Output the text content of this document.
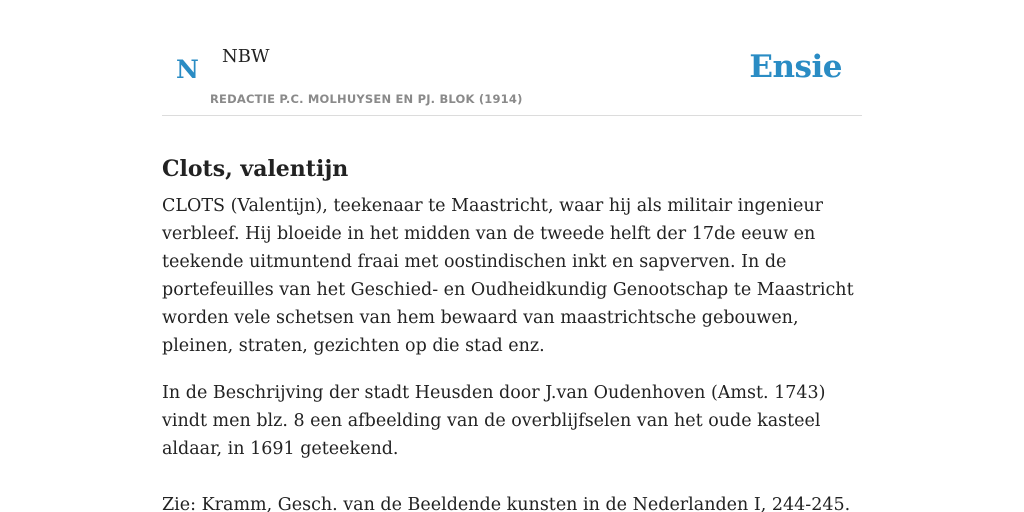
N NBW
REDACTIE P.C. MOLHUYSEN EN PJ. BLOK (1914)
Ensie
Clots, valentijn

CLOTS (Valentijn), teekenaar te Maastricht, waar hij als militair ingenieur verbleef. Hij bloeide in het midden van de tweede helft der 17de eeuw en teekende uitmuntend fraai met oostindischen inkt en sapverven. In de portefeuilles van het Geschied- en Oudheidkundig Genootschap te Maastricht worden vele schetsen van hem bewaard van maastrichtsche gebouwen, pleinen, straten, gezichten op die stad enz.

In de Beschrijving der stadt Heusden door J.van Oudenhoven (Amst. 1743) vindt men blz. 8 een afbeelding van de overblijfselen van het oude kasteel aldaar, in 1691 geteekend.

Zie: Kramm, Gesch. van de Beeldende kunsten in de Nederlanden I, 244-245.
